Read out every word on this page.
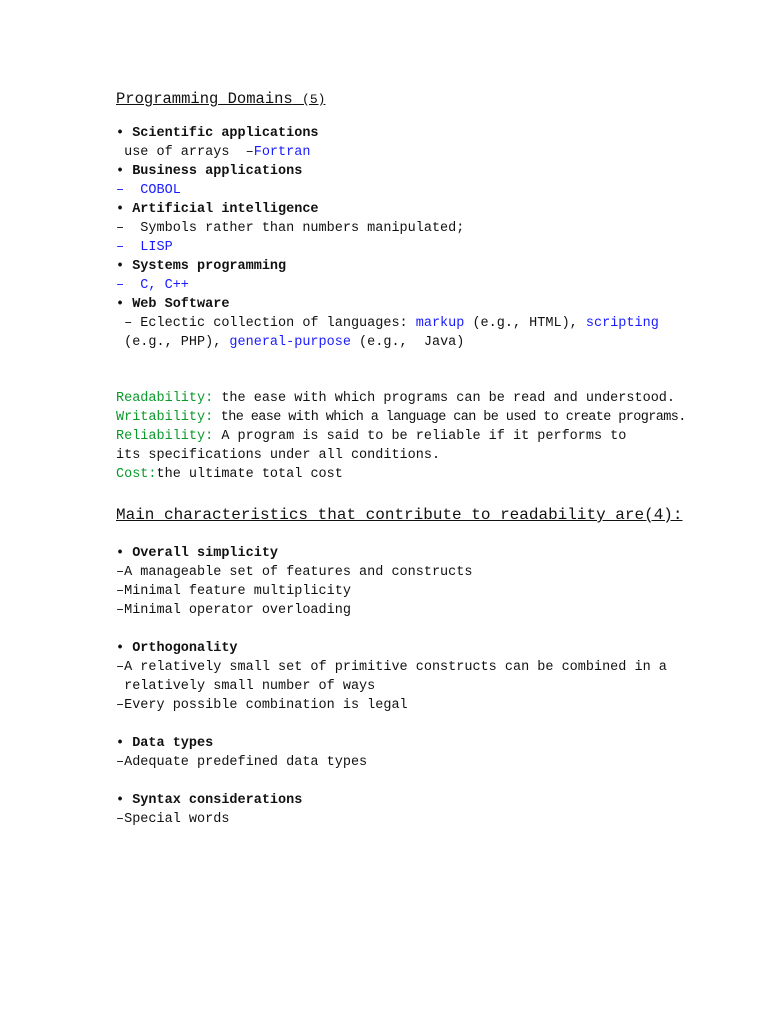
Programming Domains (5)
• Scientific applications
use of arrays  –Fortran
• Business applications
–  COBOL
• Artificial intelligence
–  Symbols rather than numbers manipulated;
–  LISP
• Systems programming
–  C, C++
• Web Software
– Eclectic collection of languages: markup (e.g., HTML), scripting (e.g., PHP), general-purpose (e.g.,  Java)
Readability: the ease with which programs can be read and understood.
Writability: the ease with which a language can be used to create programs.
Reliability: A program is said to be reliable if it performs to its specifications under all conditions.
Cost:the ultimate total cost
Main characteristics that contribute to readability are(4):
• Overall simplicity
–A manageable set of features and constructs
–Minimal feature multiplicity
–Minimal operator overloading
• Orthogonality
–A relatively small set of primitive constructs can be combined in a
relatively small number of ways
–Every possible combination is legal
• Data types
–Adequate predefined data types
• Syntax considerations
–Special words
